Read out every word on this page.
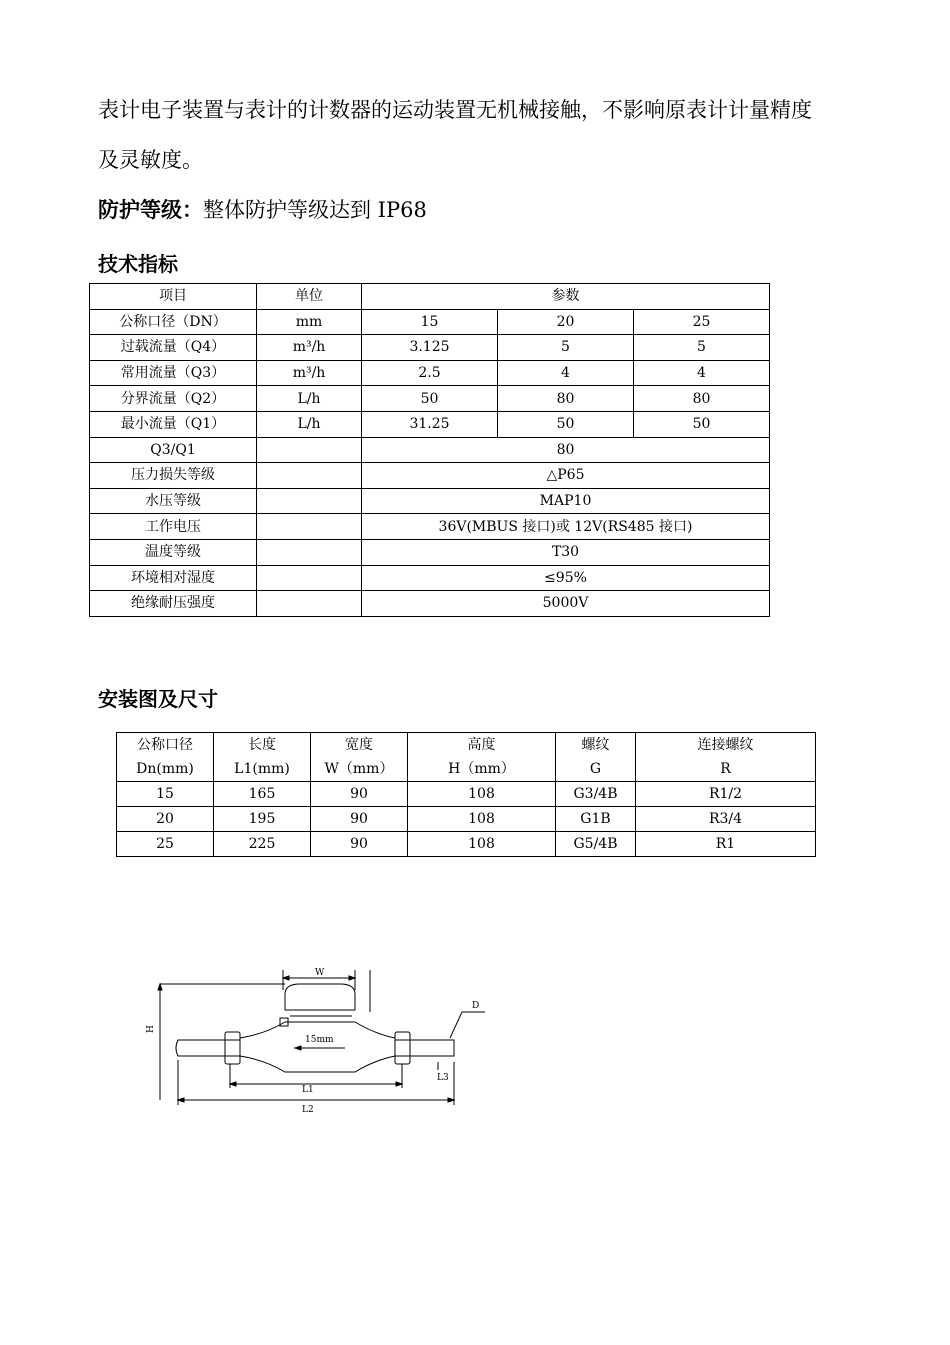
表计电子装置与表计的计数器的运动装置无机械接触，不影响原表计计量精度
及灵敏度。
防护等级：整体防护等级达到 IP68
技术指标
项目	单位	参数		
公称口径（DN）	mm	15	20	25
过载流量（Q4）	m³/h	3.125	5	5
常用流量（Q3）	m³/h	2.5	4	4
分界流量（Q2）	L/h	50	80	80
最小流量（Q1）	L/h	31.25	50	50
Q3/Q1		80		
压力损失等级		△P65		
水压等级		MAP10		
工作电压		36V(MBUS 接口)或 12V(RS485 接口)		
温度等级		T30		
环境相对湿度		≤95%		
绝缘耐压强度		5000V		
安装图及尺寸
公称口径	长度	宽度	高度	螺纹	连接螺纹
Dn(mm)	L1(mm)	W（mm）	H（mm）	G	R
15	165	90	108	G3/4B	R1/2
20	195	90	108	G1B	R3/4
25	225	90	108	G5/4B	R1
W
H
15mm
D
L3
L1
L2
